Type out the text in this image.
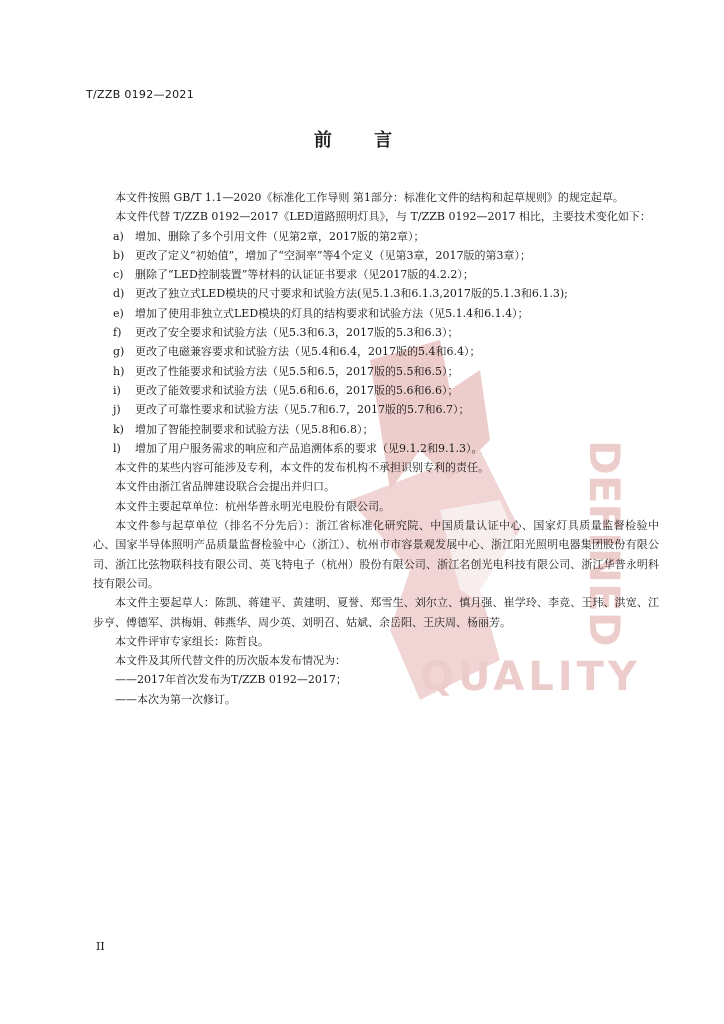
T/ZZB 0192—2021
前 言
DEFINED
QUALITY

本文件按照 GB/T 1.1—2020《标准化工作导则 第1部分：标准化文件的结构和起草规则》的规定起草。

本文件代替 T/ZZB 0192—2017《LED道路照明灯具》，与 T/ZZB 0192—2017 相比，主要技术变化如下：

a) 增加、删除了多个引用文件（见第2章，2017版的第2章）；
b) 更改了定义“初始值”，增加了“空洞率”等4个定义（见第3章，2017版的第3章）；
c) 删除了“LED控制装置”等材料的认证证书要求（见2017版的4.2.2）；
d) 更改了独立式LED模块的尺寸要求和试验方法(见5.1.3和6.1.3,2017版的5.1.3和6.1.3);
e) 增加了使用非独立式LED模块的灯具的结构要求和试验方法（见5.1.4和6.1.4）；
f) 更改了安全要求和试验方法（见5.3和6.3，2017版的5.3和6.3）；
g) 更改了电磁兼容要求和试验方法（见5.4和6.4，2017版的5.4和6.4）；
h) 更改了性能要求和试验方法（见5.5和6.5，2017版的5.5和6.5）；
i) 更改了能效要求和试验方法（见5.6和6.6，2017版的5.6和6.6）；
j) 更改了可靠性要求和试验方法（见5.7和6.7，2017版的5.7和6.7）；
k) 增加了智能控制要求和试验方法（见5.8和6.8）；
l) 增加了用户服务需求的响应和产品追溯体系的要求（见9.1.2和9.1.3）。

本文件的某些内容可能涉及专利，本文件的发布机构不承担识别专利的责任。

本文件由浙江省品牌建设联合会提出并归口。

本文件主要起草单位：杭州华普永明光电股份有限公司。

本文件参与起草单位（排名不分先后）：浙江省标准化研究院、中国质量认证中心、国家灯具质量监督检验中心、国家半导体照明产品质量监督检验中心（浙江）、杭州市市容景观发展中心、浙江阳光照明电器集团股份有限公司、浙江比弦物联科技有限公司、英飞特电子（杭州）股份有限公司、浙江名创光电科技有限公司、浙江华普永明科技有限公司。

本文件主要起草人：陈凯、蒋建平、黄建明、夏誉、郑雪生、刘尔立、慎月强、崔学玲、李竞、王玮、洪宽、江步亨、傅德军、洪梅娟、韩燕华、周少英、刘明召、姑斌、余岳阳、王庆周、杨丽芳。

本文件评审专家组长：陈哲良。

本文件及其所代替文件的历次版本发布情况为：

——2017年首次发布为T/ZZB 0192—2017；

——本次为第一次修订。

II
